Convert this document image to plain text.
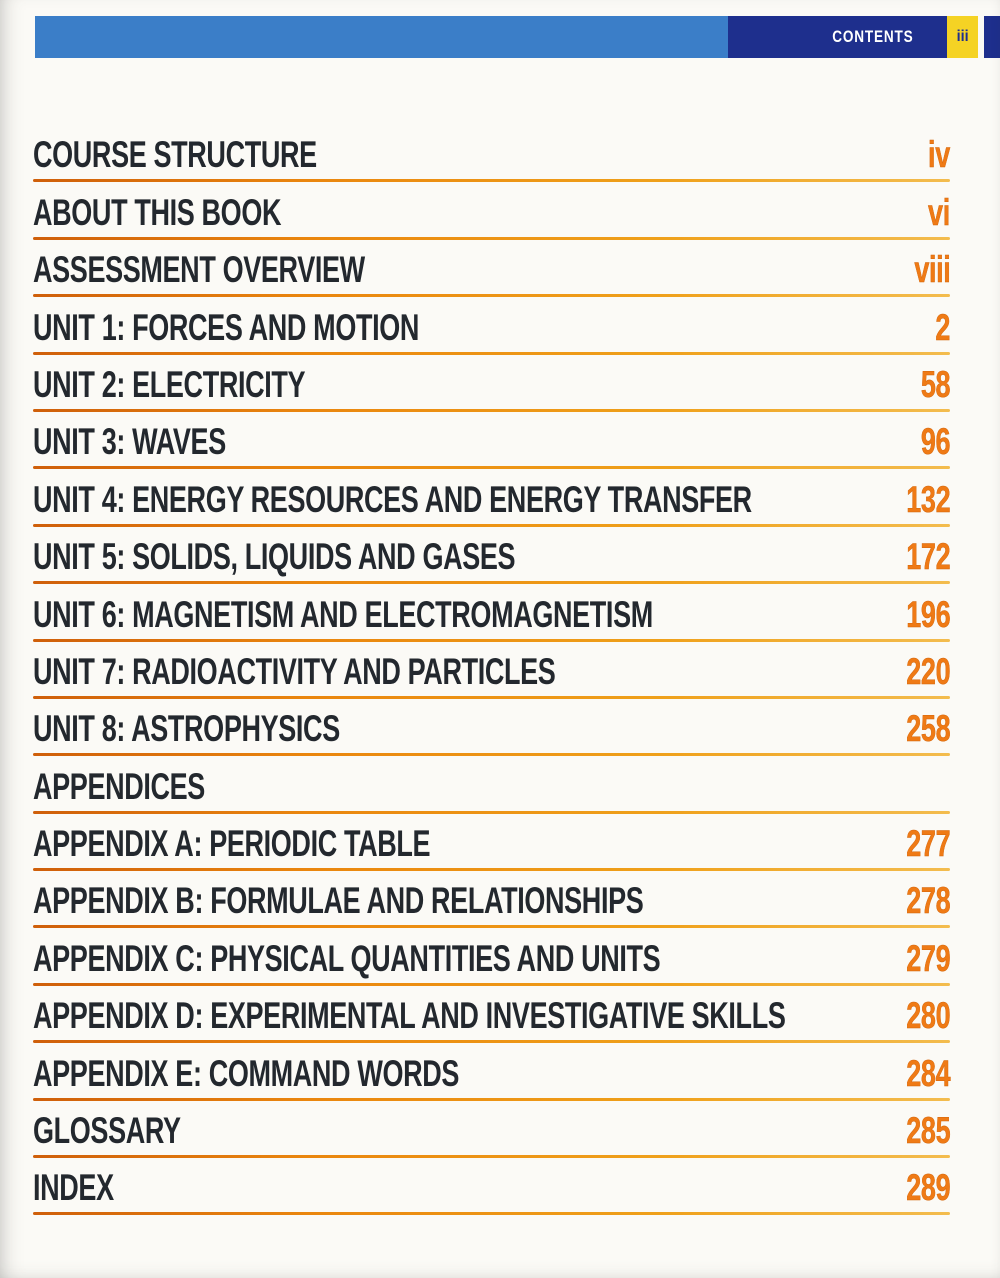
CONTENTS	iii
COURSE STRUCTURE	iv
ABOUT THIS BOOK	vi
ASSESSMENT OVERVIEW	viii
UNIT 1: FORCES AND MOTION	2
UNIT 2: ELECTRICITY	58
UNIT 3: WAVES	96
UNIT 4: ENERGY RESOURCES AND ENERGY TRANSFER	132
UNIT 5: SOLIDS, LIQUIDS AND GASES	172
UNIT 6: MAGNETISM AND ELECTROMAGNETISM	196
UNIT 7: RADIOACTIVITY AND PARTICLES	220
UNIT 8: ASTROPHYSICS	258
APPENDICES
APPENDIX A: PERIODIC TABLE	277
APPENDIX B: FORMULAE AND RELATIONSHIPS	278
APPENDIX C: PHYSICAL QUANTITIES AND UNITS	279
APPENDIX D: EXPERIMENTAL AND INVESTIGATIVE SKILLS	280
APPENDIX E: COMMAND WORDS	284
GLOSSARY	285
INDEX	289
